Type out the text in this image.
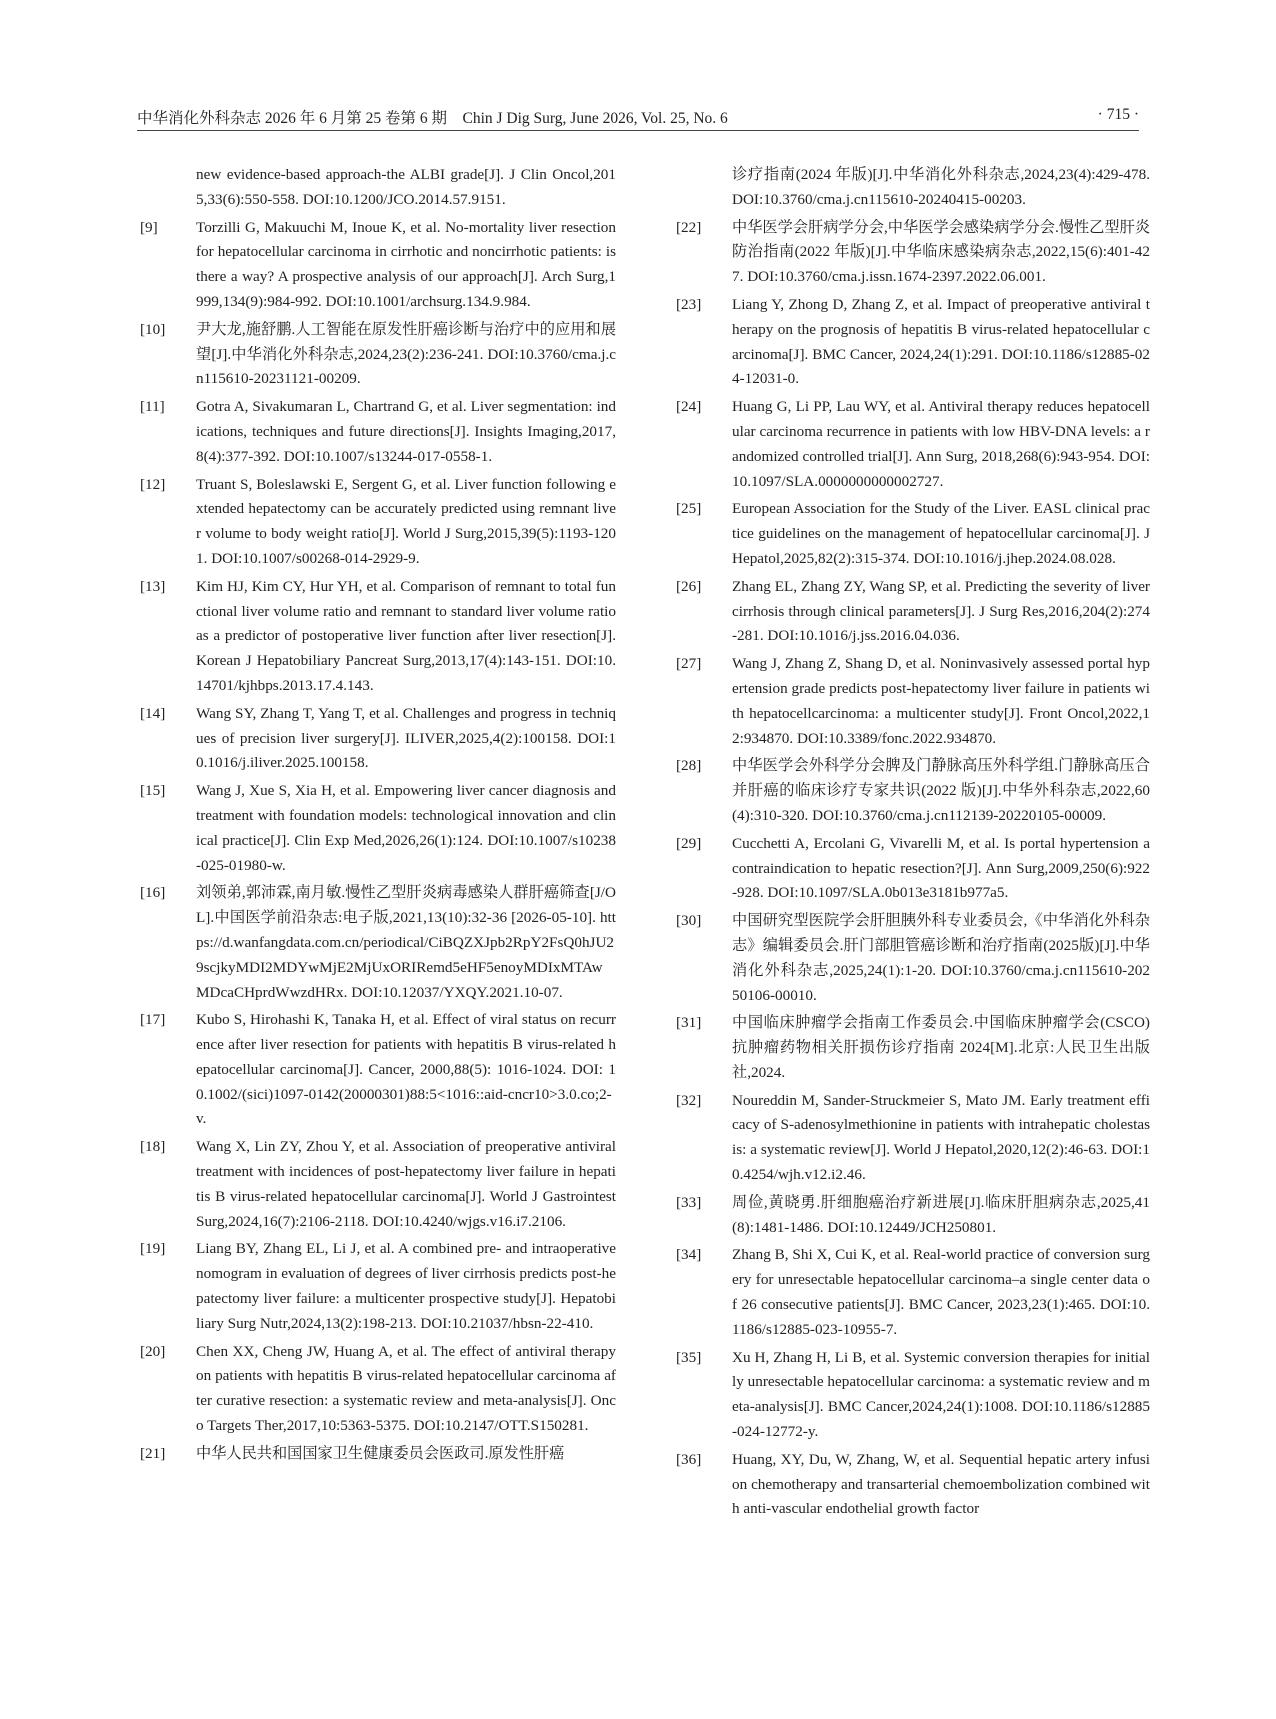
中华消化外科杂志 2026 年 6 月第 25 卷第 6 期　Chin J Dig Surg, June 2026, Vol. 25, No. 6	· 715 ·
new evidence-based approach-the ALBI grade[J]. J Clin Oncol,2015,33(6):550-558. DOI:10.1200/JCO.2014.57.9151.
[9]	Torzilli G, Makuuchi M, Inoue K, et al. No-mortality liver resection for hepatocellular carcinoma in cirrhotic and noncirrhotic patients: is there a way? A prospective analysis of our approach[J]. Arch Surg,1999,134(9):984-992. DOI:10.1001/archsurg.134.9.984.
[10]	尹大龙,施舒鹏.人工智能在原发性肝癌诊断与治疗中的应用和展望[J].中华消化外科杂志,2024,23(2):236-241. DOI:10.3760/cma.j.cn115610-20231121-00209.
[11]	Gotra A, Sivakumaran L, Chartrand G, et al. Liver segmentation: indications, techniques and future directions[J]. Insights Imaging,2017,8(4):377-392. DOI:10.1007/s13244-017-0558-1.
[12]	Truant S, Boleslawski E, Sergent G, et al. Liver function following extended hepatectomy can be accurately predicted using remnant liver volume to body weight ratio[J]. World J Surg,2015,39(5):1193-1201. DOI:10.1007/s00268-014-2929-9.
[13]	Kim HJ, Kim CY, Hur YH, et al. Comparison of remnant to total functional liver volume ratio and remnant to standard liver volume ratio as a predictor of postoperative liver function after liver resection[J]. Korean J Hepatobiliary Pancreat Surg,2013,17(4):143-151. DOI:10.14701/kjhbps.2013.17.4.143.
[14]	Wang SY, Zhang T, Yang T, et al. Challenges and progress in techniques of precision liver surgery[J]. ILIVER,2025,4(2):100158. DOI:10.1016/j.iliver.2025.100158.
[15]	Wang J, Xue S, Xia H, et al. Empowering liver cancer diagnosis and treatment with foundation models: technological innovation and clinical practice[J]. Clin Exp Med,2026,26(1):124. DOI:10.1007/s10238-025-01980-w.
[16]	刘领弟,郭沛霖,南月敏.慢性乙型肝炎病毒感染人群肝癌筛查[J/OL].中国医学前沿杂志:电子版,2021,13(10):32-36 [2026-05-10]. https://d.wanfangdata.com.cn/periodical/CiBQZXJpb2RpY2FsQ0hJU29scjkyMDI2MDYwMjE2MjUxORIRemd5eHF5enoyMDIxMTAwMDcaCHprdWwzdHRx. DOI:10.12037/YXQY.2021.10-07.
[17]	Kubo S, Hirohashi K, Tanaka H, et al. Effect of viral status on recurrence after liver resection for patients with hepatitis B virus-related hepatocellular carcinoma[J]. Cancer, 2000,88(5): 1016-1024. DOI: 10.1002/(sici)1097-0142(20000301)88:5<1016::aid-cncr10>3.0.co;2-v.
[18]	Wang X, Lin ZY, Zhou Y, et al. Association of preoperative antiviral treatment with incidences of post-hepatectomy liver failure in hepatitis B virus-related hepatocellular carcinoma[J]. World J Gastrointest Surg,2024,16(7):2106-2118. DOI:10.4240/wjgs.v16.i7.2106.
[19]	Liang BY, Zhang EL, Li J, et al. A combined pre- and intraoperative nomogram in evaluation of degrees of liver cirrhosis predicts post-hepatectomy liver failure: a multicenter prospective study[J]. Hepatobiliary Surg Nutr,2024,13(2):198-213. DOI:10.21037/hbsn-22-410.
[20]	Chen XX, Cheng JW, Huang A, et al. The effect of antiviral therapy on patients with hepatitis B virus-related hepatocellular carcinoma after curative resection: a systematic review and meta-analysis[J]. Onco Targets Ther,2017,10:5363-5375. DOI:10.2147/OTT.S150281.
[21]	中华人民共和国国家卫生健康委员会医政司.原发性肝癌
诊疗指南(2024 年版)[J].中华消化外科杂志,2024,23(4):429-478. DOI:10.3760/cma.j.cn115610-20240415-00203.
[22]	中华医学会肝病学分会,中华医学会感染病学分会.慢性乙型肝炎防治指南(2022 年版)[J].中华临床感染病杂志,2022,15(6):401-427. DOI:10.3760/cma.j.issn.1674-2397.2022.06.001.
[23]	Liang Y, Zhong D, Zhang Z, et al. Impact of preoperative antiviral therapy on the prognosis of hepatitis B virus-related hepatocellular carcinoma[J]. BMC Cancer, 2024,24(1):291. DOI:10.1186/s12885-024-12031-0.
[24]	Huang G, Li PP, Lau WY, et al. Antiviral therapy reduces hepatocellular carcinoma recurrence in patients with low HBV-DNA levels: a randomized controlled trial[J]. Ann Surg, 2018,268(6):943-954. DOI:10.1097/SLA.0000000000002727.
[25]	European Association for the Study of the Liver. EASL clinical practice guidelines on the management of hepatocellular carcinoma[J]. J Hepatol,2025,82(2):315-374. DOI:10.1016/j.jhep.2024.08.028.
[26]	Zhang EL, Zhang ZY, Wang SP, et al. Predicting the severity of liver cirrhosis through clinical parameters[J]. J Surg Res,2016,204(2):274-281. DOI:10.1016/j.jss.2016.04.036.
[27]	Wang J, Zhang Z, Shang D, et al. Noninvasively assessed portal hypertension grade predicts post-hepatectomy liver failure in patients with hepatocellcarcinoma: a multicenter study[J]. Front Oncol,2022,12:934870. DOI:10.3389/fonc.2022.934870.
[28]	中华医学会外科学分会脾及门静脉高压外科学组.门静脉高压合并肝癌的临床诊疗专家共识(2022 版)[J].中华外科杂志,2022,60(4):310-320. DOI:10.3760/cma.j.cn112139-20220105-00009.
[29]	Cucchetti A, Ercolani G, Vivarelli M, et al. Is portal hypertension a contraindication to hepatic resection?[J]. Ann Surg,2009,250(6):922-928. DOI:10.1097/SLA.0b013e3181b977a5.
[30]	中国研究型医院学会肝胆胰外科专业委员会,《中华消化外科杂志》编辑委员会.肝门部胆管癌诊断和治疗指南(2025版)[J].中华消化外科杂志,2025,24(1):1-20. DOI:10.3760/cma.j.cn115610-20250106-00010.
[31]	中国临床肿瘤学会指南工作委员会.中国临床肿瘤学会(CSCO)抗肿瘤药物相关肝损伤诊疗指南 2024[M].北京:人民卫生出版社,2024.
[32]	Noureddin M, Sander-Struckmeier S, Mato JM. Early treatment efficacy of S-adenosylmethionine in patients with intrahepatic cholestasis: a systematic review[J]. World J Hepatol,2020,12(2):46-63. DOI:10.4254/wjh.v12.i2.46.
[33]	周俭,黄晓勇.肝细胞癌治疗新进展[J].临床肝胆病杂志,2025,41(8):1481-1486. DOI:10.12449/JCH250801.
[34]	Zhang B, Shi X, Cui K, et al. Real-world practice of conversion surgery for unresectable hepatocellular carcinoma–a single center data of 26 consecutive patients[J]. BMC Cancer, 2023,23(1):465. DOI:10.1186/s12885-023-10955-7.
[35]	Xu H, Zhang H, Li B, et al. Systemic conversion therapies for initially unresectable hepatocellular carcinoma: a systematic review and meta-analysis[J]. BMC Cancer,2024,24(1):1008. DOI:10.1186/s12885-024-12772-y.
[36]	Huang, XY, Du, W, Zhang, W, et al. Sequential hepatic artery infusion chemotherapy and transarterial chemoembolization combined with anti-vascular endothelial growth factor
